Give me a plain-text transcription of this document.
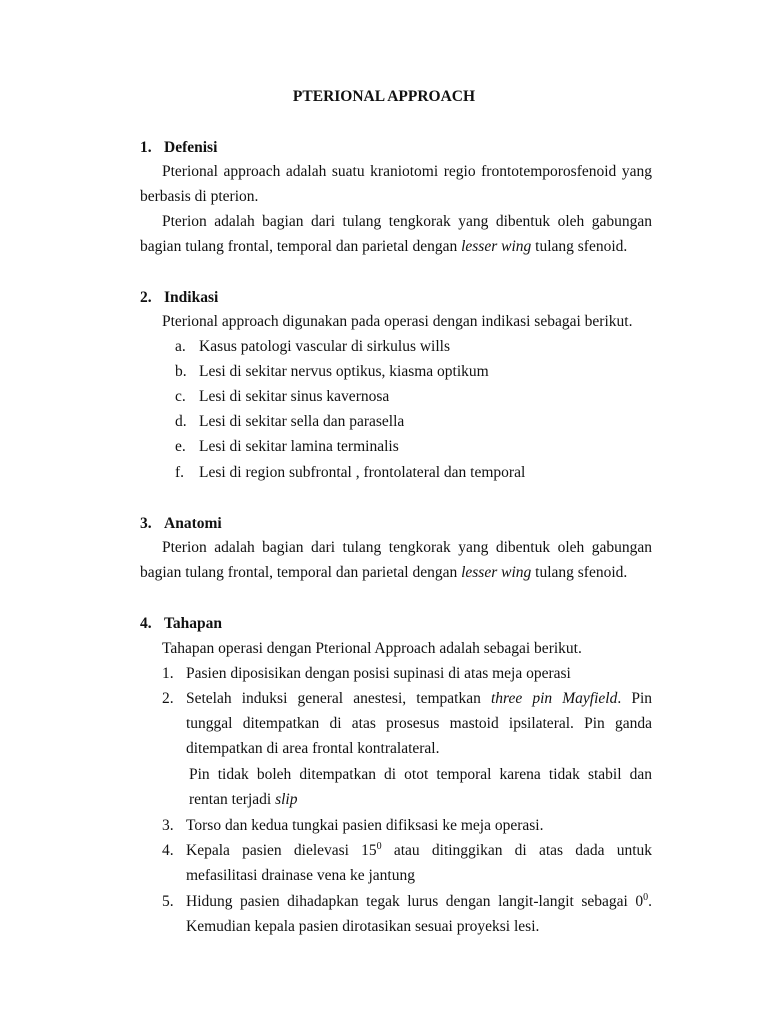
PTERIONAL APPROACH
1. Defenisi
Pterional approach adalah suatu kraniotomi regio frontotemporosfenoid yang berbasis di pterion.
Pterion adalah bagian dari tulang tengkorak yang dibentuk oleh gabungan bagian tulang frontal, temporal dan parietal dengan lesser wing tulang sfenoid.
2. Indikasi
Pterional approach digunakan pada operasi dengan indikasi sebagai berikut.
a. Kasus patologi vascular di sirkulus wills
b. Lesi di sekitar nervus optikus, kiasma optikum
c. Lesi di sekitar sinus kavernosa
d. Lesi di sekitar sella dan parasella
e. Lesi di sekitar lamina terminalis
f. Lesi di region subfrontal , frontolateral dan temporal
3. Anatomi
Pterion adalah bagian dari tulang tengkorak yang dibentuk oleh gabungan bagian tulang frontal, temporal dan parietal dengan lesser wing tulang sfenoid.
4. Tahapan
Tahapan operasi dengan Pterional Approach adalah sebagai berikut.
1. Pasien diposisikan dengan posisi supinasi di atas meja operasi
2. Setelah induksi general anestesi, tempatkan three pin Mayfield. Pin tunggal ditempatkan di atas prosesus mastoid ipsilateral. Pin ganda ditempatkan di area frontal kontralateral.
Pin tidak boleh ditempatkan di otot temporal karena tidak stabil dan rentan terjadi slip
3. Torso dan kedua tungkai pasien difiksasi ke meja operasi.
4. Kepala pasien dielevasi $15^0$ atau ditinggikan di atas dada untuk mefasilitasi drainase vena ke jantung
5. Hidung pasien dihadapkan tegak lurus dengan langit-langit sebagai $0^0$. Kemudian kepala pasien dirotasikan sesuai proyeksi lesi.
